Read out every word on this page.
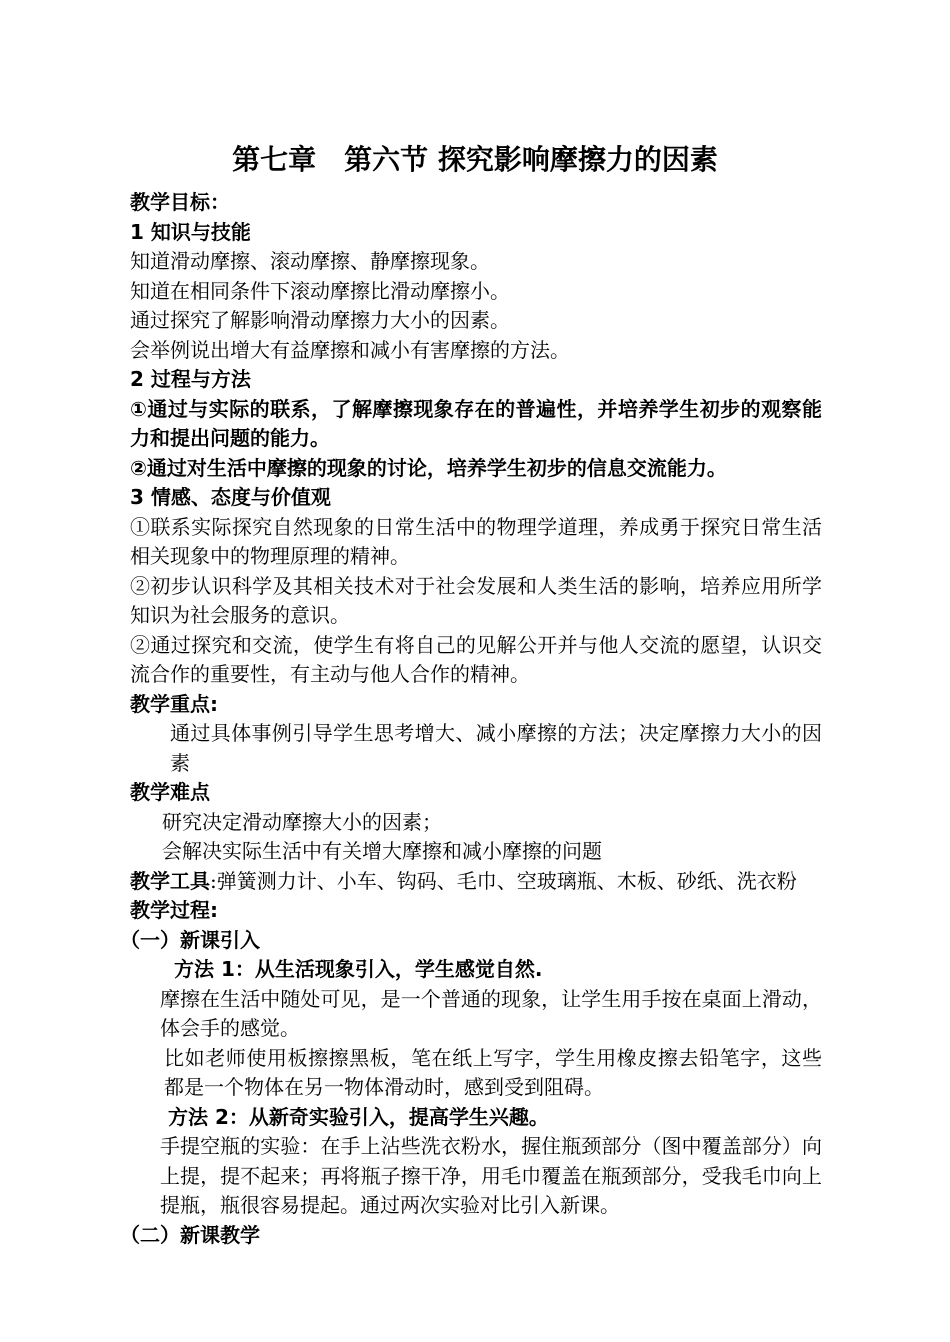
第七章　第六节 探究影响摩擦力的因素

教学目标：

1 知识与技能

知道滑动摩擦、滚动摩擦、静摩擦现象。

知道在相同条件下滚动摩擦比滑动摩擦小。

通过探究了解影响滑动摩擦力大小的因素。

会举例说出增大有益摩擦和减小有害摩擦的方法。

2 过程与方法

①通过与实际的联系，了解摩擦现象存在的普遍性，并培养学生初步的观察能力和提出问题的能力。

②通过对生活中摩擦的现象的讨论，培养学生初步的信息交流能力。

3 情感、态度与价值观

①联系实际探究自然现象的日常生活中的物理学道理，养成勇于探究日常生活相关现象中的物理原理的精神。

②初步认识科学及其相关技术对于社会发展和人类生活的影响，培养应用所学知识为社会服务的意识。

②通过探究和交流，使学生有将自己的见解公开并与他人交流的愿望，认识交流合作的重要性，有主动与他人合作的精神。

教学重点:

通过具体事例引导学生思考增大、减小摩擦的方法；决定摩擦力大小的因素

教学难点

研究决定滑动摩擦大小的因素；

会解决实际生活中有关增大摩擦和减小摩擦的问题

教学工具:弹簧测力计、小车、钩码、毛巾、空玻璃瓶、木板、砂纸、洗衣粉

教学过程:

（一）新课引入

方法 1：从生活现象引入，学生感觉自然.

摩擦在生活中随处可见，是一个普通的现象，让学生用手按在桌面上滑动，体会手的感觉。

比如老师使用板擦擦黑板，笔在纸上写字，学生用橡皮擦去铅笔字，这些都是一个物体在另一物体滑动时，感到受到阻碍。

方法 2：从新奇实验引入，提高学生兴趣。

手提空瓶的实验：在手上沾些洗衣粉水，握住瓶颈部分（图中覆盖部分）向上提，提不起来；再将瓶子擦干净，用毛巾覆盖在瓶颈部分，受我毛巾向上提瓶，瓶很容易提起。通过两次实验对比引入新课。

（二）新课教学
